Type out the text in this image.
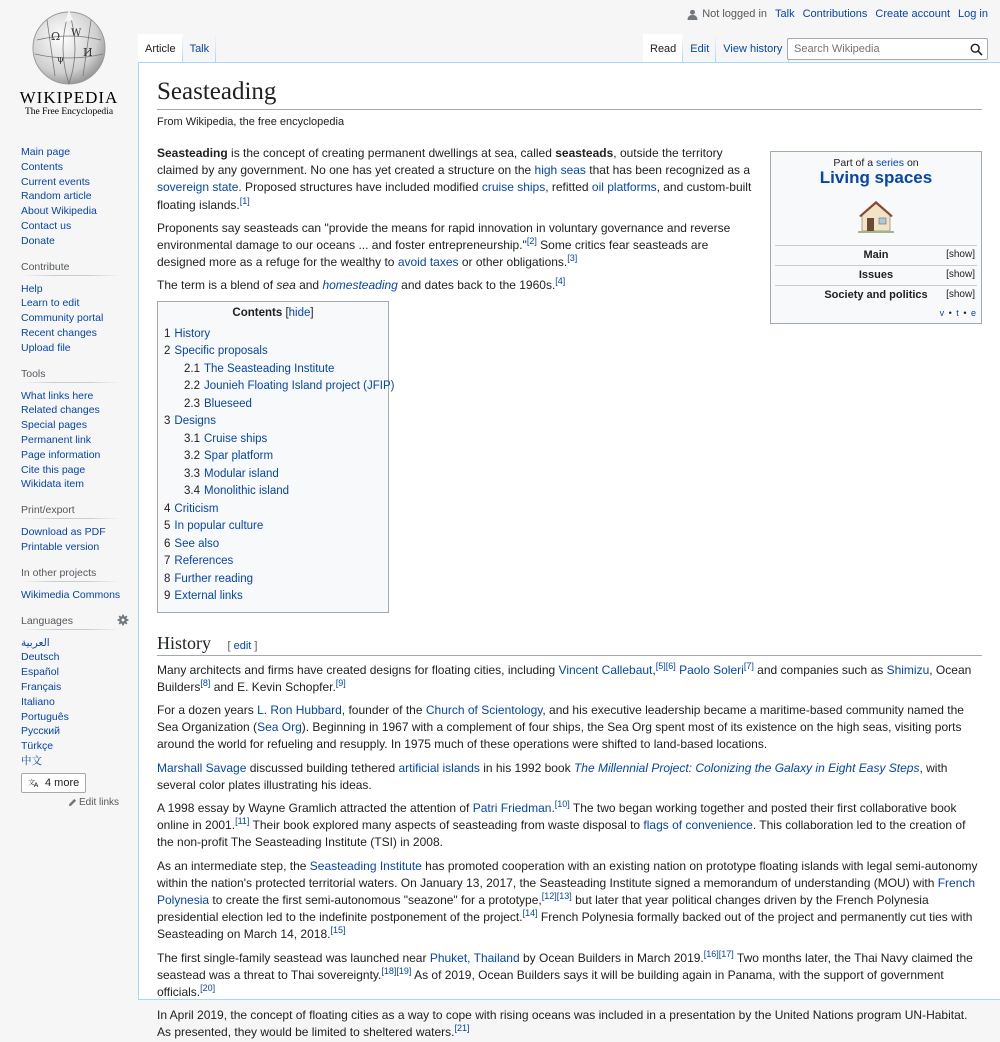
Ω W
И
ψ
WIKIPEDIA
The Free Encyclopedia
Not logged in Talk Contributions Create account Log in
Article	Talk	Read	Edit	View history
Search Wikipedia
Main page
Contents
Current events
Random article
About Wikipedia
Contact us
Donate
Contribute
Help
Learn to edit
Community portal
Recent changes
Upload file
Tools
What links here
Related changes
Special pages
Permanent link
Page information
Cite this page
Wikidata item
Print/export
Download as PDF
Printable version
In other projects
Wikimedia Commons
Languages
العربية
Deutsch
Español
Français
Italiano
Português
Русский
Türkçe
中文
文
A 4 more
Edit links
Seasteading
From Wikipedia, the free encyclopedia
Part of a series on
Living spaces
Main	[show]
Issues	[show]
Society and politics [show]
v • t • e

Seasteading is the concept of creating permanent dwellings at sea, called seasteads, outside the territory claimed by any government. No one has yet created a structure on the high seas that has been recognized as a sovereign state. Proposed structures have included modified cruise ships, refitted oil platforms, and custom-built floating islands.[1]

Proponents say seasteads can "provide the means for rapid innovation in voluntary governance and reverse environmental damage to our oceans ... and foster entrepreneurship."[2] Some critics fear seasteads are designed more as a refuge for the wealthy to avoid taxes or other obligations.[3]

The term is a blend of sea and homesteading and dates back to the 1960s.[4]

Contents [hide]
1 History
2 Specific proposals
2.1 The Seasteading Institute
2.2 Jounieh Floating Island project (JFIP)
2.3 Blueseed
3 Designs
3.1 Cruise ships
3.2 Spar platform
3.3 Modular island
3.4 Monolithic island
4 Criticism
5 In popular culture
6 See also
7 References
8 Further reading
9 External links
History [ edit ]

Many architects and firms have created designs for floating cities, including Vincent Callebaut,[5][6] Paolo Soleri[7] and companies such as Shimizu, Ocean Builders[8] and E. Kevin Schopfer.[9]

For a dozen years L. Ron Hubbard, founder of the Church of Scientology, and his executive leadership became a maritime-based community named the Sea Organization (Sea Org). Beginning in 1967 with a complement of four ships, the Sea Org spent most of its existence on the high seas, visiting ports around the world for refueling and resupply. In 1975 much of these operations were shifted to land-based locations.

Marshall Savage discussed building tethered artificial islands in his 1992 book The Millennial Project: Colonizing the Galaxy in Eight Easy Steps, with several color plates illustrating his ideas.

A 1998 essay by Wayne Gramlich attracted the attention of Patri Friedman.[10] The two began working together and posted their first collaborative book online in 2001.[11] Their book explored many aspects of seasteading from waste disposal to flags of convenience. This collaboration led to the creation of the non-profit The Seasteading Institute (TSI) in 2008.

As an intermediate step, the Seasteading Institute has promoted cooperation with an existing nation on prototype floating islands with legal semi-autonomy within the nation's protected territorial waters. On January 13, 2017, the Seasteading Institute signed a memorandum of understanding (MOU) with French Polynesia to create the first semi-autonomous "seazone" for a prototype,[12][13] but later that year political changes driven by the French Polynesia presidential election led to the indefinite postponement of the project.[14] French Polynesia formally backed out of the project and permanently cut ties with Seasteading on March 14, 2018.[15]

The first single-family seastead was launched near Phuket, Thailand by Ocean Builders in March 2019.[16][17] Two months later, the Thai Navy claimed the seastead was a threat to Thai sovereignty.[18][19] As of 2019, Ocean Builders says it will be building again in Panama, with the support of government officials.[20]

In April 2019, the concept of floating cities as a way to cope with rising oceans was included in a presentation by the United Nations program UN-Habitat. As presented, they would be limited to sheltered waters.[21]
